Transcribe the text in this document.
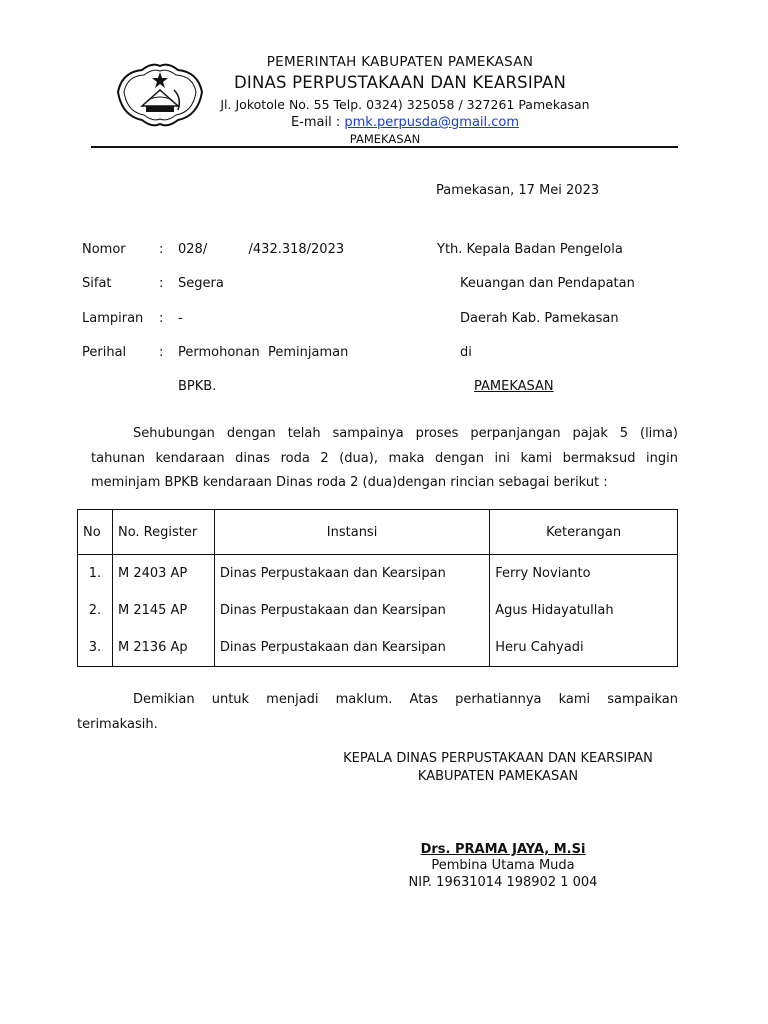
PEMERINTAH KABUPATEN PAMEKASAN
DINAS PERPUSTAKAAN DAN KEARSIPAN
Jl. Jokotole No. 55 Telp. 0324) 325058 / 327261 Pamekasan
E-mail : pmk.perpusda@gmail.com
PAMEKASAN
Pamekasan, 17 Mei 2023
Nomor	: 028/          /432.318/2023
Sifat	: Segera
Lampiran : -
Perihal	: Permohonan  Peminjaman
BPKB.
Yth. Kepala Badan Pengelola
Keuangan dan Pendapatan
Daerah Kab. Pamekasan
di
PAMEKASAN
Sehubungan dengan telah sampainya proses perpanjangan pajak 5 (lima)
tahunan kendaraan dinas roda 2 (dua), maka dengan ini kami bermaksud ingin
meminjam BPKB kendaraan Dinas roda 2 (dua)dengan rincian sebagai berikut :
No	No. Register	Instansi	Keterangan
1.	M 2403 AP	Dinas Perpustakaan dan Kearsipan	Ferry Novianto
2.	M 2145 AP	Dinas Perpustakaan dan Kearsipan	Agus Hidayatullah
3.	M 2136 Ap	Dinas Perpustakaan dan Kearsipan	Heru Cahyadi
Demikian untuk menjadi maklum. Atas perhatiannya kami sampaikan
terimakasih.
KEPALA DINAS PERPUSTAKAAN DAN KEARSIPAN
KABUPATEN PAMEKASAN
Drs. PRAMA JAYA, M.Si
Pembina Utama Muda
NIP. 19631014 198902 1 004
